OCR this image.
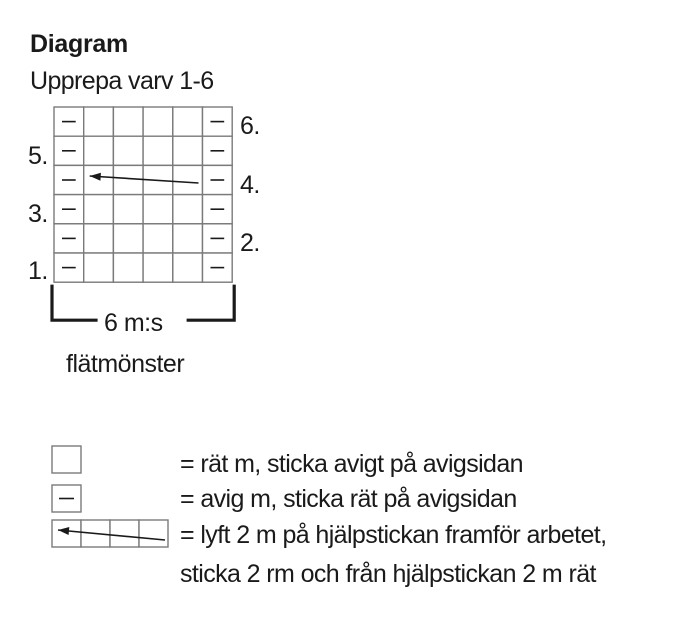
Diagram
Upprepa varv 1-6
6.
5.
4.
3.
2.
1.
6 m:s
flätmönster
= rät m, sticka avigt på avigsidan
= avig m, sticka rät på avigsidan
= lyft 2 m på hjälpstickan framför arbetet,
sticka 2 rm och från hjälpstickan 2 m rät
